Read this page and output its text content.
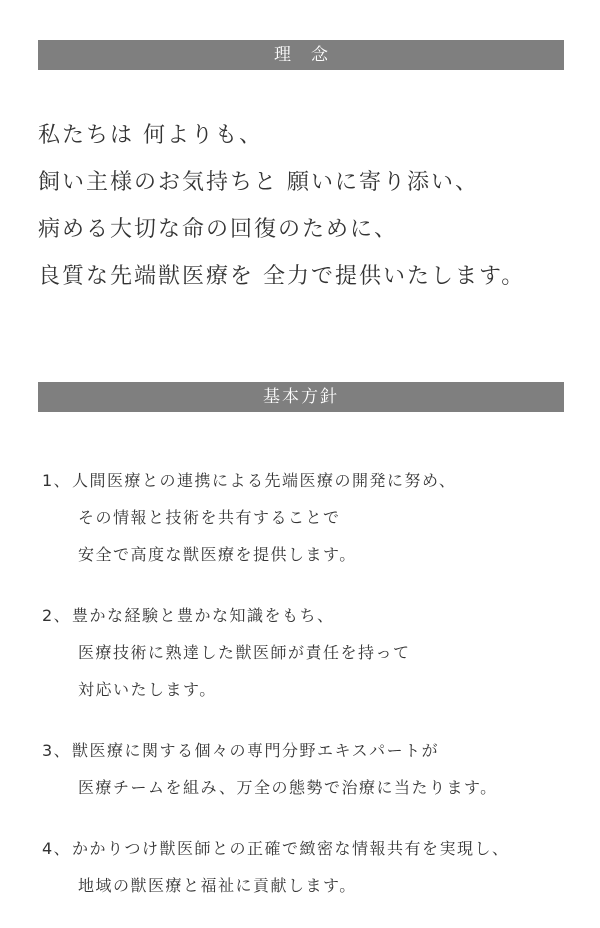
理念
私たちは 何よりも、
飼い主様のお気持ちと 願いに寄り添い、
病める大切な命の回復のために、
良質な先端獣医療を 全力で提供いたします。
基本方針
1、人間医療との連携による先端医療の開発に努め、
その情報と技術を共有することで
安全で高度な獣医療を提供します。
2、豊かな経験と豊かな知識をもち、
医療技術に熟達した獣医師が責任を持って
対応いたします。
3、獣医療に関する個々の専門分野エキスパートが
医療チームを組み、万全の態勢で治療に当たります。
4、かかりつけ獣医師との正確で緻密な情報共有を実現し、
地域の獣医療と福祉に貢献します。
